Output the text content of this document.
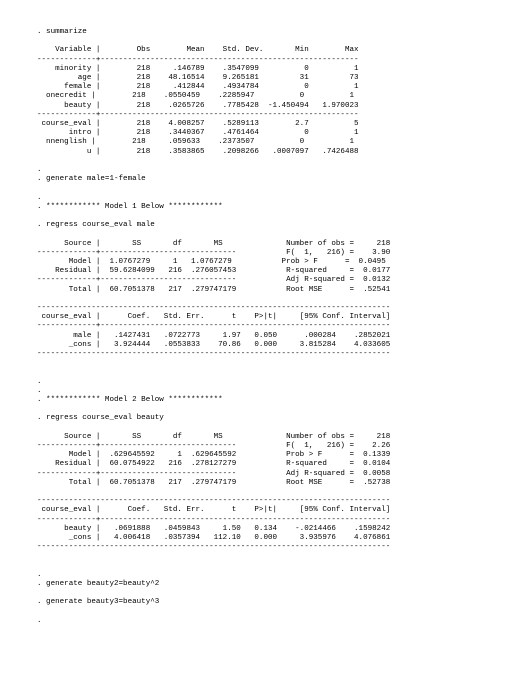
. summarize
Variable |        Obs        Mean    Std. Dev.       Min        Max
-------------+---------------------------------------------------------
minority |        218     .146789    .3547099          0          1
age |        218    48.16514    9.265181         31         73
female |        218     .412844    .4934784          0          1
onecredit |        218    .0550459    .2285947          0          1
beauty |        218    .0265726    .7785428  -1.450494   1.970023
-------------+---------------------------------------------------------
course_eval |        218    4.008257    .5289113        2.7          5
intro |        218    .3440367    .4761464          0          1
nnenglish |        218     .059633    .2373507          0          1
u |        218    .3583865    .2098266   .0007097   .7426488
.
. generate male=1-female
.
. ************ Model 1 Below ************
. regress course_eval male
Source |       SS       df       MS              Number of obs =     218
-------------+------------------------------           F(  1,   216) =    3.90
Model |  1.0767279     1   1.0767279           Prob > F      =  0.0495
Residual |  59.6284099   216  .276057453           R-squared     =  0.0177
-------------+------------------------------           Adj R-squared =  0.0132
Total |  60.7051378   217  .279747179           Root MSE      =  .52541
------------------------------------------------------------------------------
course_eval |      Coef.   Std. Err.      t    P>|t|     [95% Conf. Interval]
-------------+----------------------------------------------------------------
male |   .1427431   .0722773     1.97   0.050      .000284    .2852021
_cons |   3.924444   .0553833    70.86   0.000     3.815284    4.033605
------------------------------------------------------------------------------
.
.
. ************ Model 2 Below ************
. regress course_eval beauty
Source |       SS       df       MS              Number of obs =     218
-------------+------------------------------           F(  1,   216) =    2.26
Model |  .629645592     1  .629645592           Prob > F      =  0.1339
Residual |  60.0754922   216  .278127279           R-squared     =  0.0104
-------------+------------------------------           Adj R-squared =  0.0058
Total |  60.7051378   217  .279747179           Root MSE      =  .52738
------------------------------------------------------------------------------
course_eval |      Coef.   Std. Err.      t    P>|t|     [95% Conf. Interval]
-------------+----------------------------------------------------------------
beauty |   .0691888   .0459843     1.50   0.134    -.0214466    .1598242
_cons |   4.006418   .0357394   112.10   0.000     3.935976    4.076861
------------------------------------------------------------------------------
.
. generate beauty2=beauty^2
. generate beauty3=beauty^3
.
